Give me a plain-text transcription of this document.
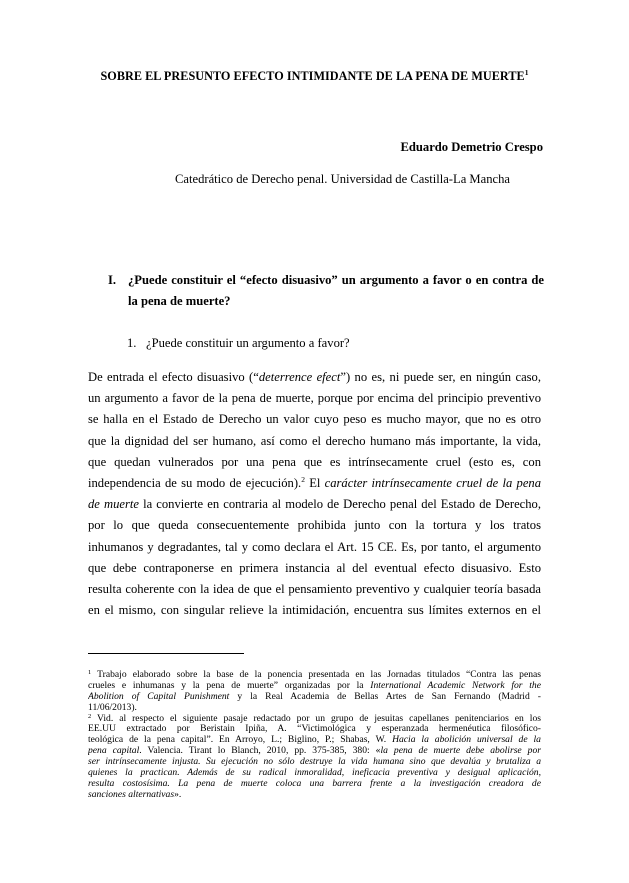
SOBRE EL PRESUNTO EFECTO INTIMIDANTE DE LA PENA DE MUERTE$^1$
Eduardo Demetrio Crespo
Catedrático de Derecho penal. Universidad de Castilla-La Mancha
I. ¿Puede constituir el “efecto disuasivo” un argumento a favor o en contra de
la pena de muerte?
1. ¿Puede constituir un argumento a favor?
De entrada el efecto disuasivo (“deterrence efect”) no es, ni puede ser, en ningún caso,
un argumento a favor de la pena de muerte, porque por encima del principio preventivo
se halla en el Estado de Derecho un valor cuyo peso es mucho mayor, que no es otro
que la dignidad del ser humano, así como el derecho humano más importante, la vida,
que quedan vulnerados por una pena que es intrínsecamente cruel (esto es, con
independencia de su modo de ejecución).$^2$ El carácter intrínsecamente cruel de la pena
de muerte la convierte en contraria al modelo de Derecho penal del Estado de Derecho,
por lo que queda consecuentemente prohibida junto con la tortura y los tratos
inhumanos y degradantes, tal y como declara el Art. 15 CE. Es, por tanto, el argumento
que debe contraponerse en primera instancia al del eventual efecto disuasivo. Esto
resulta coherente con la idea de que el pensamiento preventivo y cualquier teoría basada
en el mismo, con singular relieve la intimidación, encuentra sus límites externos en el
$^1$ Trabajo elaborado sobre la base de la ponencia presentada en las Jornadas titulados “Contra las penas
crueles e inhumanas y la pena de muerte” organizadas por la International Academic Network for the
Abolition of Capital Punishment y la Real Academia de Bellas Artes de San Fernando (Madrid -
11/06/2013).
$^2$ Vid. al respecto el siguiente pasaje redactado por un grupo de jesuitas capellanes penitenciarios en los
EE.UU extractado por Beristain Ipiña, A. “Victimológica y esperanzada hermenéutica filosófico-
teológica de la pena capital”. En Arroyo, L.; Biglino, P.; Shabas, W. Hacia la abolición universal de la
pena capital. Valencia. Tirant lo Blanch, 2010, pp. 375-385, 380: «la pena de muerte debe abolirse por
ser intrínsecamente injusta. Su ejecución no sólo destruye la vida humana sino que devalúa y brutaliza a
quienes la practican. Además de su radical inmoralidad, ineficacia preventiva y desigual aplicación,
resulta costosísima. La pena de muerte coloca una barrera frente a la investigación creadora de
sanciones alternativas».
